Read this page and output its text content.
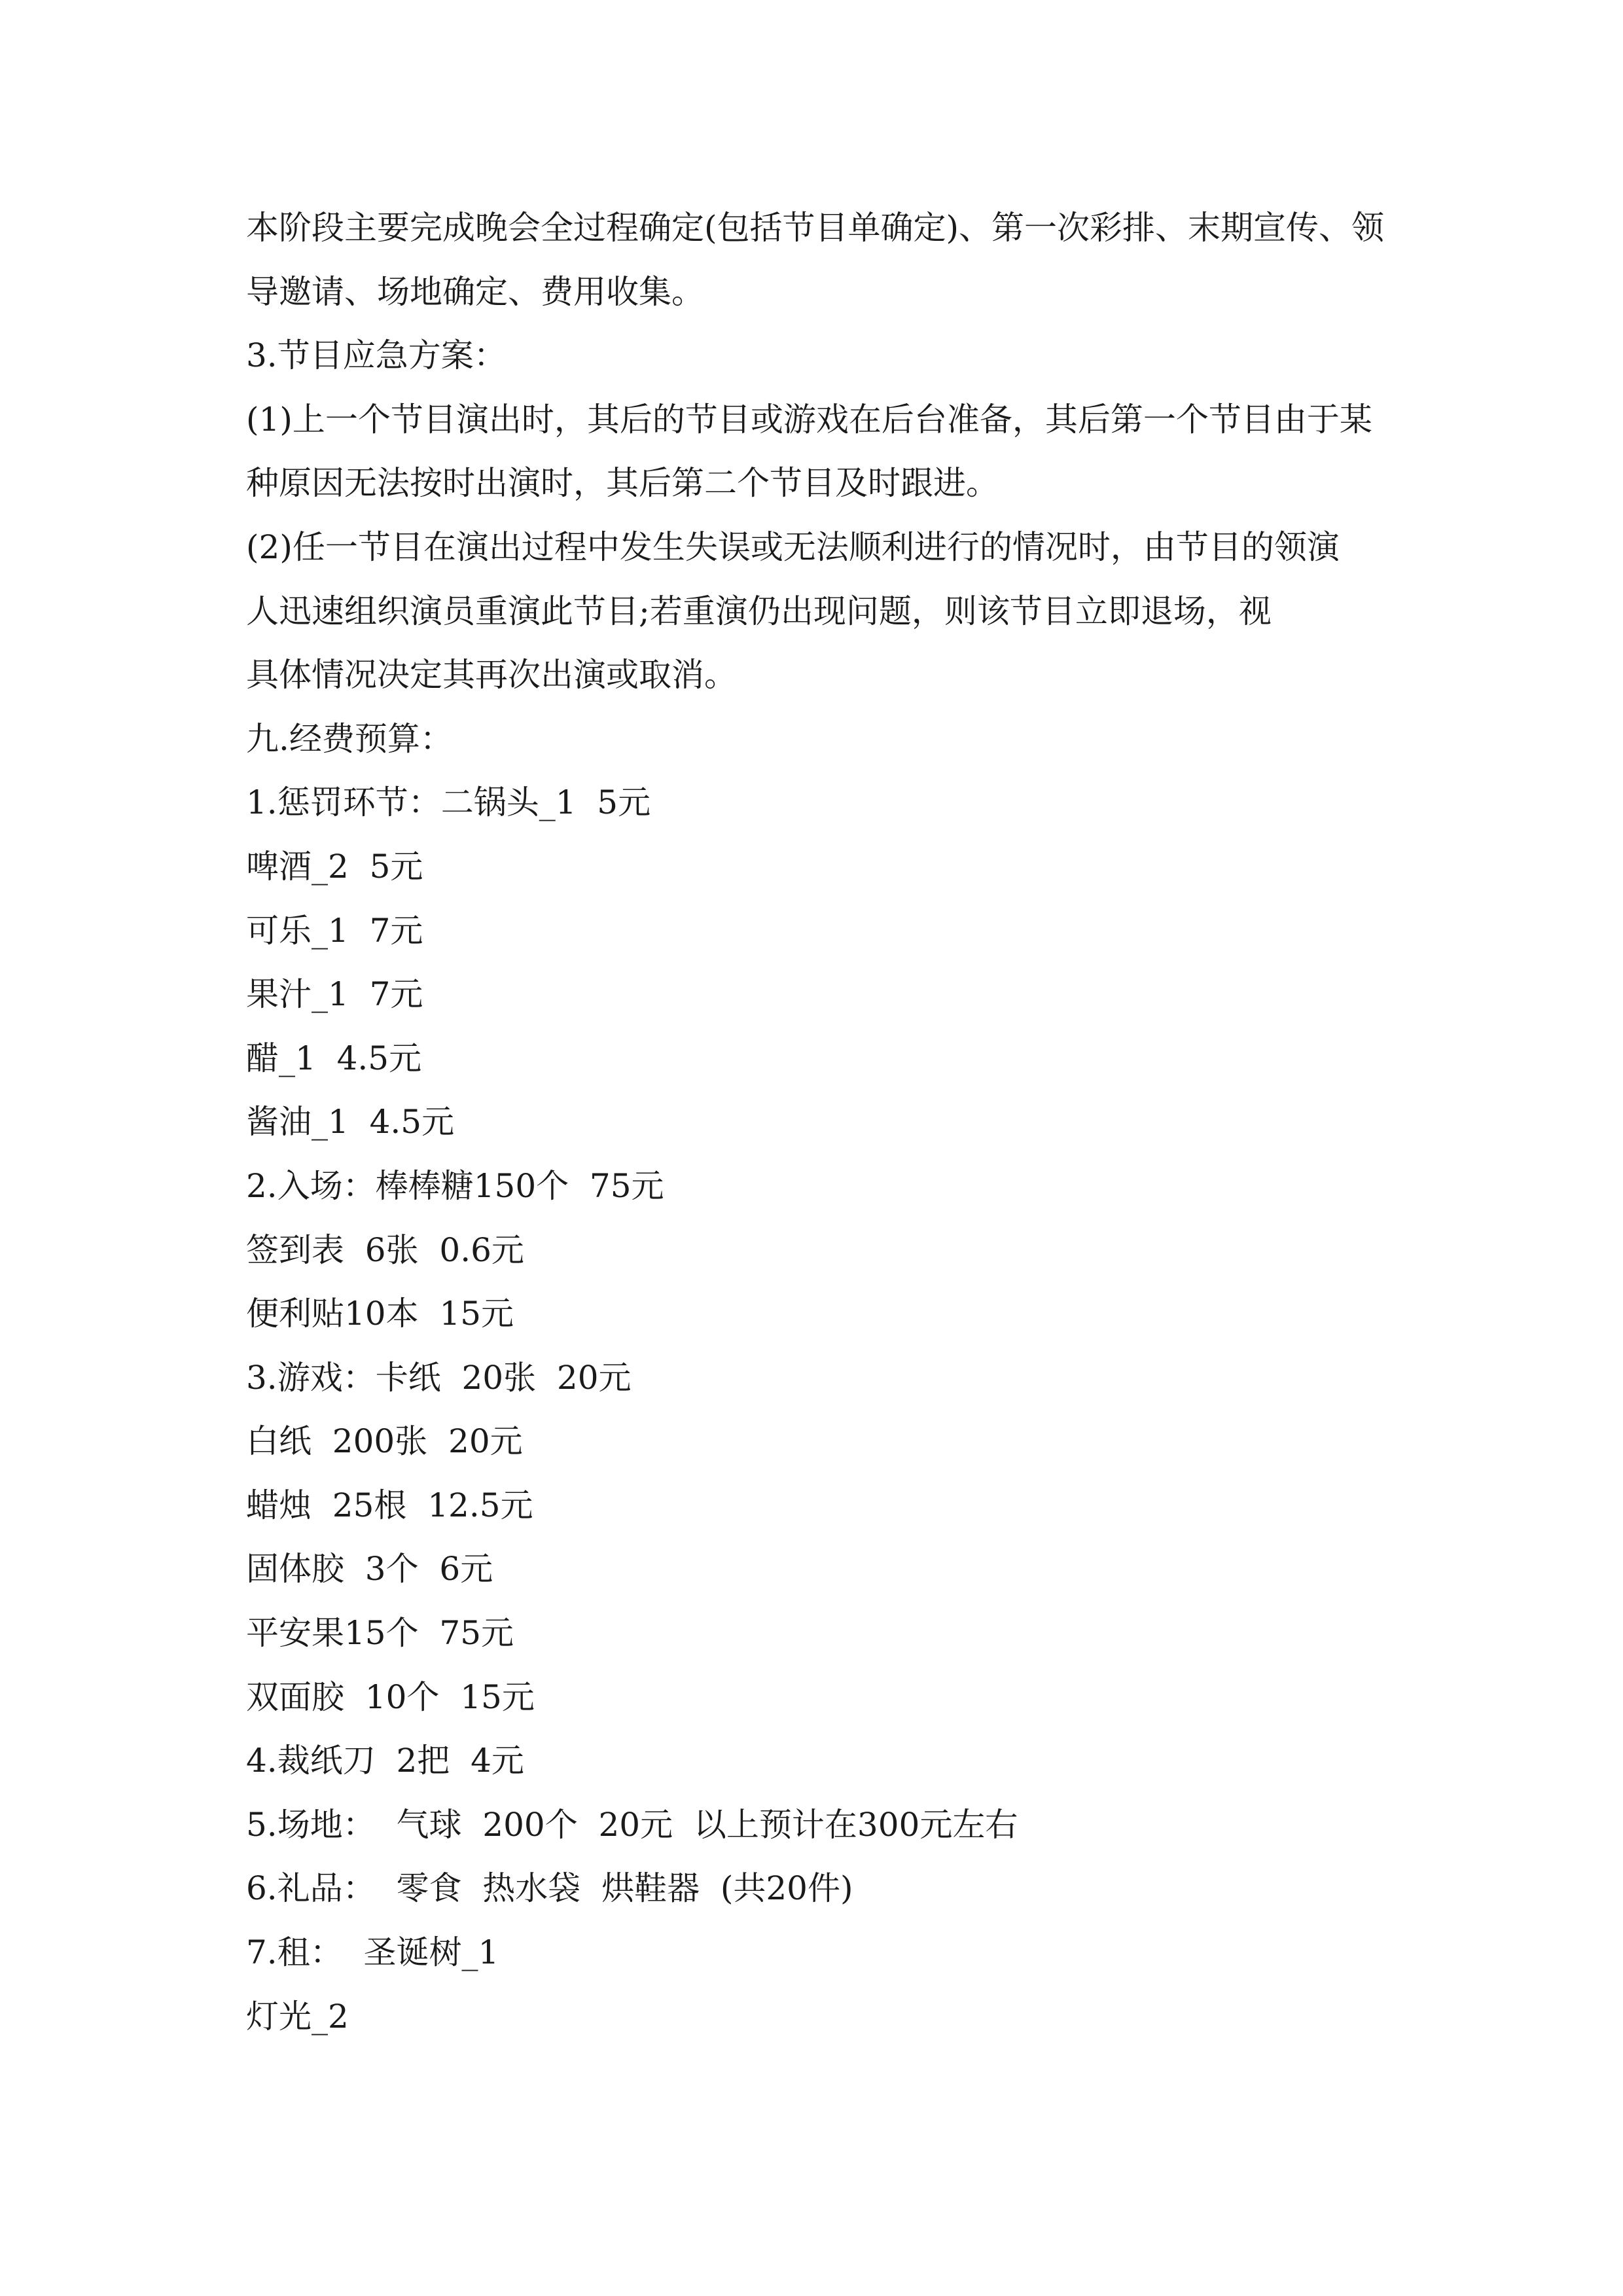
本阶段主要完成晚会全过程确定(包括节目单确定)、第一次彩排、末期宣传、领
导邀请、场地确定、费用收集。
3.节目应急方案：
(1)上一个节目演出时，其后的节目或游戏在后台准备，其后第一个节目由于某
种原因无法按时出演时，其后第二个节目及时跟进。
(2)任一节目在演出过程中发生失误或无法顺利进行的情况时，由节目的领演
人迅速组织演员重演此节目;若重演仍出现问题，则该节目立即退场，视
具体情况决定其再次出演或取消。
九.经费预算：
1.惩罚环节：二锅头_1  5元
啤酒_2  5元
可乐_1  7元
果汁_1  7元
醋_1  4.5元
酱油_1  4.5元
2.入场：棒棒糖150个  75元
签到表  6张  0.6元
便利贴10本  15元
3.游戏：卡纸  20张  20元
白纸  200张  20元
蜡烛  25根  12.5元
固体胶  3个  6元
平安果15个  75元
双面胶  10个  15元
4.裁纸刀  2把  4元
5.场地：  气球  200个  20元  以上预计在300元左右
6.礼品：  零食  热水袋  烘鞋器  (共20件)
7.租：  圣诞树_1
灯光_2
